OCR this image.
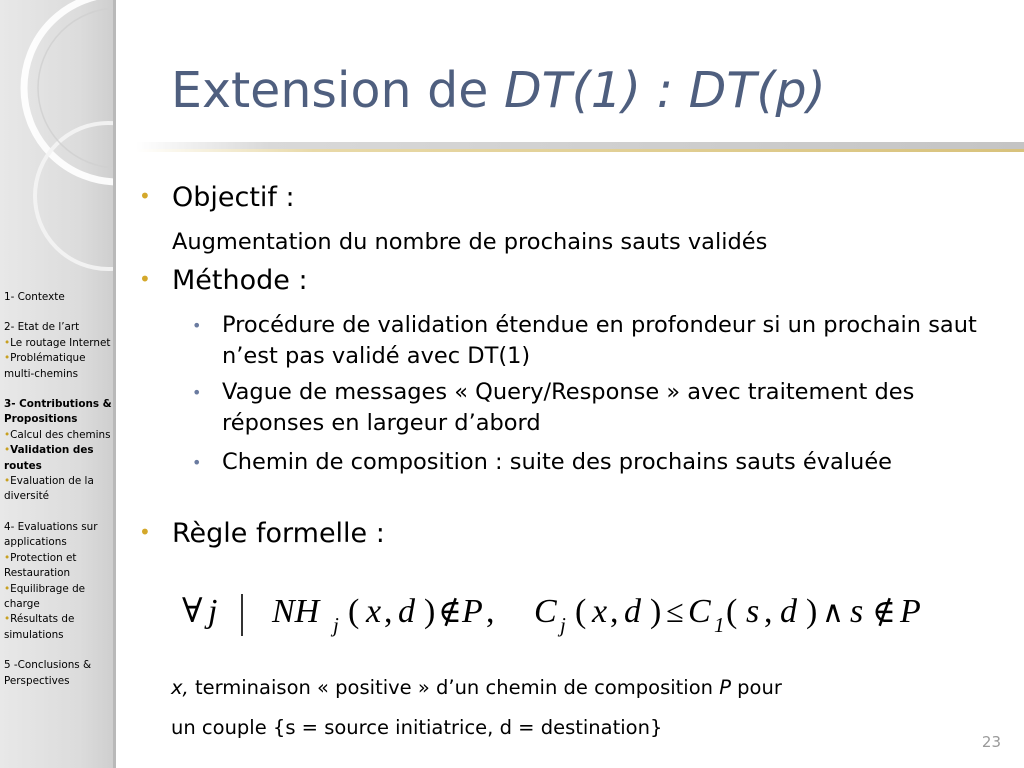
1- Contexte
2- Etat de l’art
• Le routage Internet
• Problématique multi-chemins
3- Contributions & Propositions
• Calcul des chemins
• Validation des routes
• Evaluation de la diversité
4- Evaluations sur applications
• Protection et Restauration
• Equilibrage de charge
• Résultats de simulations
5 -Conclusions & Perspectives
Extension de DT(1) : DT(p)
• Objectif :
Augmentation du nombre de prochains sauts validés
• Méthode :
• Procédure de validation étendue en profondeur si un prochain saut n’est pas validé avec DT(1)
• Vague de messages « Query/Response » avec traitement des réponses en largeur d’abord
• Chemin de composition : suite des prochains sauts évaluée
• Règle formelle :
∀ j NH j ( x , d ) ∉ P , C j ( x , d ) ≤ C 1 ( s , d ) ∧ s ∉ P
x, terminaison « positive » d’un chemin de composition P pour
un couple {s = source initiatrice, d = destination}
23
